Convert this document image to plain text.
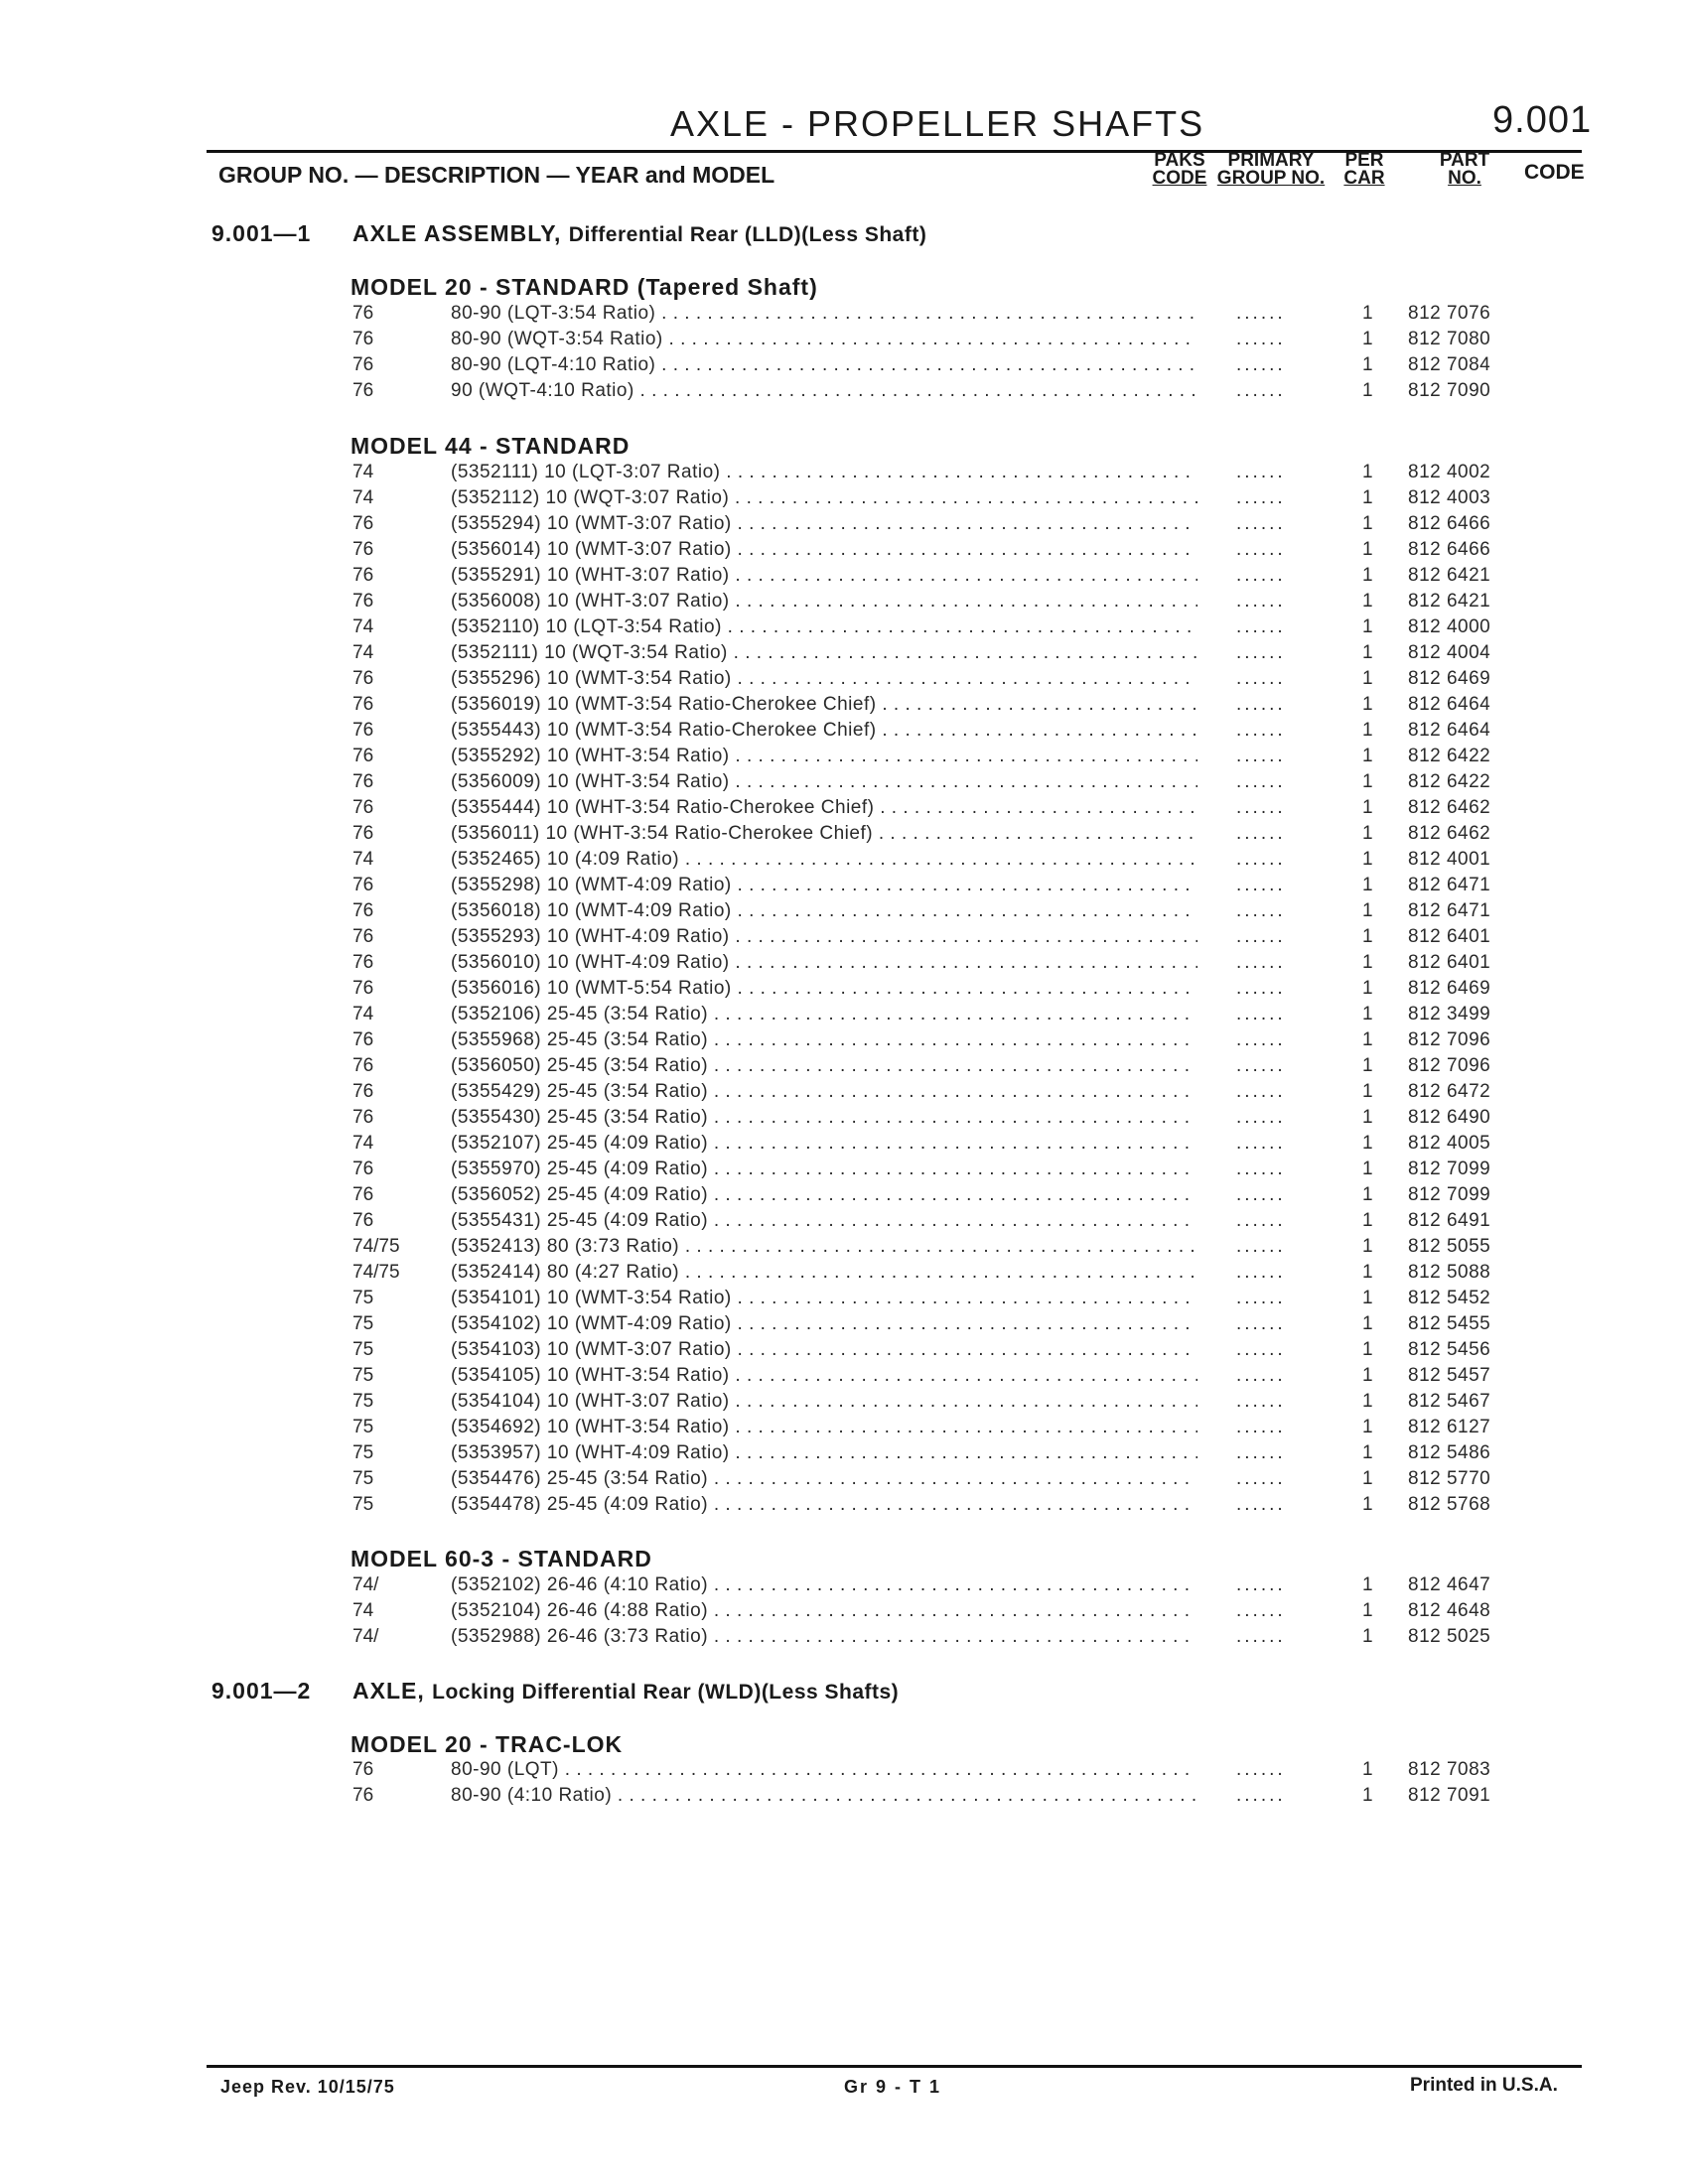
AXLE - PROPELLER SHAFTS	9.001
GROUP NO. — DESCRIPTION — YEAR and MODEL
PAKS
CODE
PRIMARY
GROUP NO.
PER
CAR
PART
NO.	CODE
9.001—1 AXLE ASSEMBLY, Differential Rear (LLD)(Less Shaft)
MODEL 20 - STANDARD (Tapered Shaft)
76	80-90 (LQT-3:54 Ratio) . . .	......	1 812 7076
76	80-90 (WQT-3:54 Ratio) . . .	......	1 812 7080
76	80-90 (LQT-4:10 Ratio) . . .	......	1 812 7084
76	90 (WQT-4:10 Ratio) . . .	......	1 812 7090
MODEL 44 - STANDARD
74	(5352111) 10 (LQT-3:07 Ratio) . . .	......	1 812 4002
74	(5352112) 10 (WQT-3:07 Ratio) . . .	......	1 812 4003
76	(5355294) 10 (WMT-3:07 Ratio) . . .	......	1 812 6466
76	(5356014) 10 (WMT-3:07 Ratio) . . .	......	1 812 6466
76	(5355291) 10 (WHT-3:07 Ratio) . . .	......	1 812 6421
76	(5356008) 10 (WHT-3:07 Ratio) . . .	......	1 812 6421
74	(5352110) 10 (LQT-3:54 Ratio) . . .	......	1 812 4000
74	(5352111) 10 (WQT-3:54 Ratio) . . .	......	1 812 4004
76	(5355296) 10 (WMT-3:54 Ratio) . . .	......	1 812 6469
76	(5356019) 10 (WMT-3:54 Ratio-Cherokee Chief) . . .	......	1 812 6464
76	(5355443) 10 (WMT-3:54 Ratio-Cherokee Chief) . . .	......	1 812 6464
76	(5355292) 10 (WHT-3:54 Ratio) . . .	......	1 812 6422
76	(5356009) 10 (WHT-3:54 Ratio) . . .	......	1 812 6422
76	(5355444) 10 (WHT-3:54 Ratio-Cherokee Chief) . . .	......	1 812 6462
76	(5356011) 10 (WHT-3:54 Ratio-Cherokee Chief) . . .	......	1 812 6462
74	(5352465) 10 (4:09 Ratio) . . .	......	1 812 4001
76	(5355298) 10 (WMT-4:09 Ratio) . . .	......	1 812 6471
76	(5356018) 10 (WMT-4:09 Ratio) . . .	......	1 812 6471
76	(5355293) 10 (WHT-4:09 Ratio) . . .	......	1 812 6401
76	(5356010) 10 (WHT-4:09 Ratio) . . .	......	1 812 6401
76	(5356016) 10 (WMT-5:54 Ratio) . . .	......	1 812 6469
74	(5352106) 25-45 (3:54 Ratio) . . .	......	1 812 3499
76	(5355968) 25-45 (3:54 Ratio) . . .	......	1 812 7096
76	(5356050) 25-45 (3:54 Ratio) . . .	......	1 812 7096
76	(5355429) 25-45 (3:54 Ratio) . . .	......	1 812 6472
76	(5355430) 25-45 (3:54 Ratio) . . .	......	1 812 6490
74	(5352107) 25-45 (4:09 Ratio) . . .	......	1 812 4005
76	(5355970) 25-45 (4:09 Ratio) . . .	......	1 812 7099
76	(5356052) 25-45 (4:09 Ratio) . . .	......	1 812 7099
76	(5355431) 25-45 (4:09 Ratio) . . .	......	1 812 6491
74/75	(5352413) 80 (3:73 Ratio) . . .	......	1 812 5055
74/75	(5352414) 80 (4:27 Ratio) . . .	......	1 812 5088
75	(5354101) 10 (WMT-3:54 Ratio) . . .	......	1 812 5452
75	(5354102) 10 (WMT-4:09 Ratio) . . .	......	1 812 5455
75	(5354103) 10 (WMT-3:07 Ratio) . . .	......	1 812 5456
75	(5354105) 10 (WHT-3:54 Ratio) . . .	......	1 812 5457
75	(5354104) 10 (WHT-3:07 Ratio) . . .	......	1 812 5467
75	(5354692) 10 (WHT-3:54 Ratio) . . .	......	1 812 6127
75	(5353957) 10 (WHT-4:09 Ratio) . . .	......	1 812 5486
75	(5354476) 25-45 (3:54 Ratio) . . .	......	1 812 5770
75	(5354478) 25-45 (4:09 Ratio) . . .	......	1 812 5768
MODEL 60-3 - STANDARD
74/	(5352102) 26-46 (4:10 Ratio) . . .	......	1 812 4647
74	(5352104) 26-46 (4:88 Ratio) . . .	......	1 812 4648
74/	(5352988) 26-46 (3:73 Ratio) . . .	......	1 812 5025
9.001—2 AXLE, Locking Differential Rear (WLD)(Less Shafts)
MODEL 20 - TRAC-LOK
76	80-90 (LQT) . . .	......	1 812 7083
76	80-90 (4:10 Ratio) . . .	......	1 812 7091
Jeep Rev. 10/15/75	Gr 9 - T 1	Printed in U.S.A.
